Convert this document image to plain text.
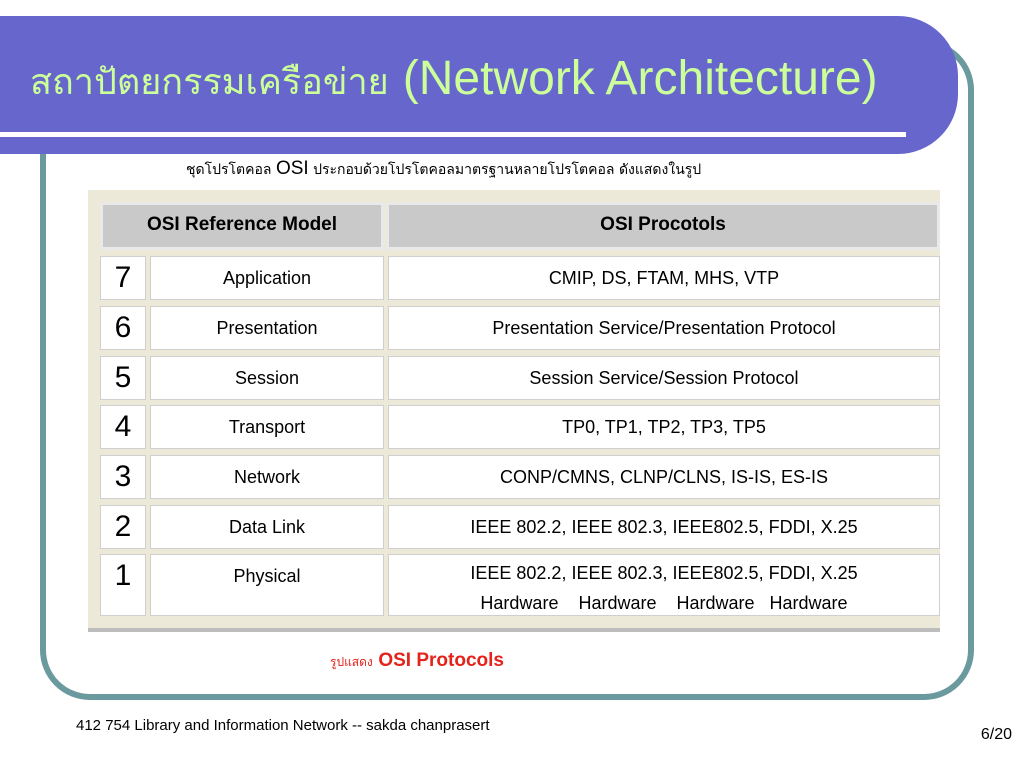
สถาปัตยกรรมเครือข่าย (Network Architecture)
ชุดโปรโตคอล OSI ประกอบด้วยโปรโตคอลมาตรฐานหลายโปรโตคอล ดังแสดงในรูป
OSI Reference Model	OSI Procotols
7	Application	CMIP, DS, FTAM, MHS, VTP
6	Presentation	Presentation Service/Presentation Protocol
5	Session	Session Service/Session Protocol
4	Transport	TP0, TP1, TP2, TP3, TP5
3	Network	CONP/CMNS, CLNP/CLNS, IS-IS, ES-IS
2	Data Link	IEEE 802.2, IEEE 802.3, IEEE802.5, FDDI, X.25
1	Physical	IEEE 802.2, IEEE 802.3, IEEE802.5, FDDI, X.25
Hardware    Hardware    Hardware   Hardware
รูปแสดง OSI Protocols
412 754 Library and Information Network -- sakda chanprasert
6/20
